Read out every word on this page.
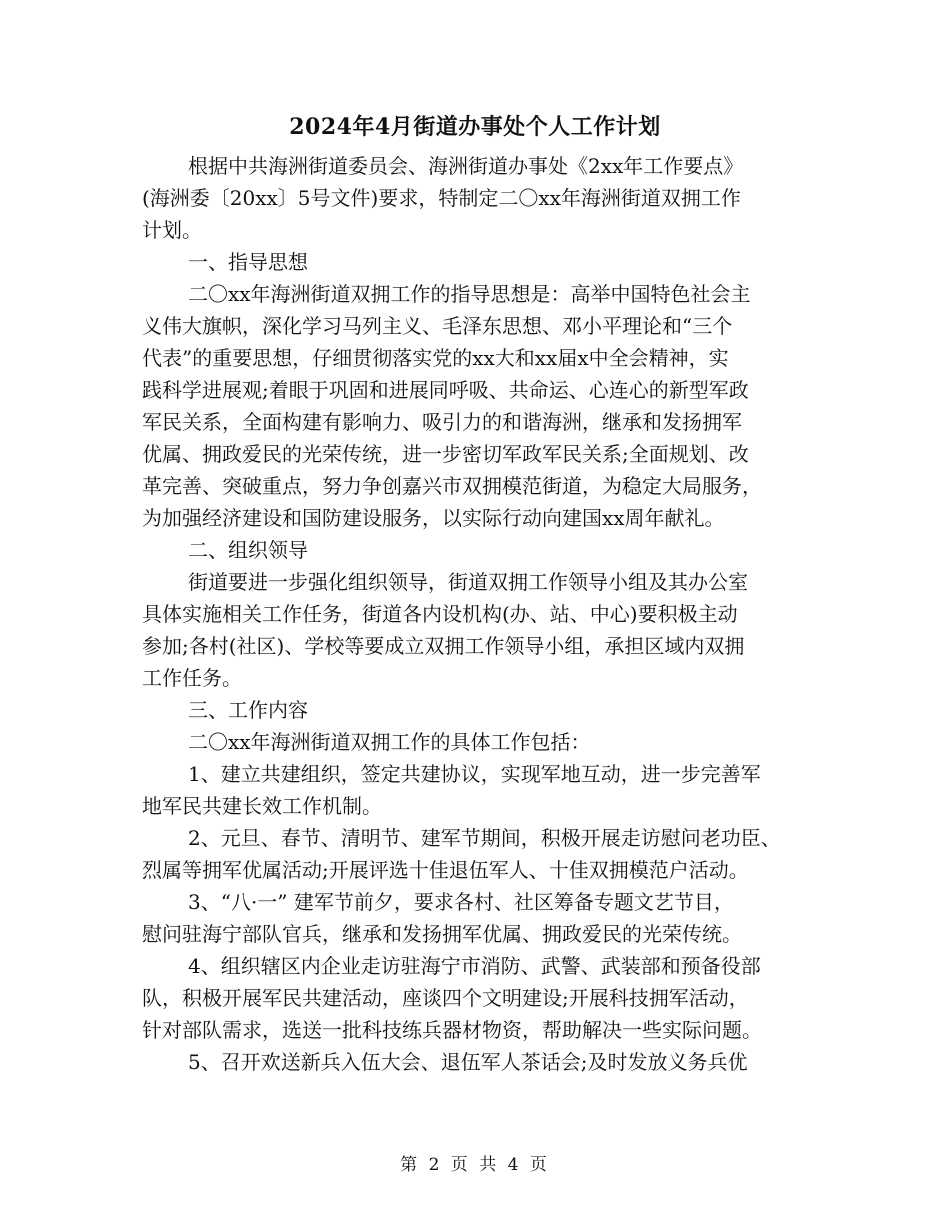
2024年4月街道办事处个人工作计划
根据中共海洲街道委员会、海洲街道办事处《2xx年工作要点》
(海洲委〔20xx〕5号文件)要求，特制定二〇xx年海洲街道双拥工作
计划。
一、指导思想
二〇xx年海洲街道双拥工作的指导思想是：高举中国特色社会主
义伟大旗帜，深化学习马列主义、毛泽东思想、邓小平理论和“三个
代表”的重要思想，仔细贯彻落实党的xx大和xx届x中全会精神，实
践科学进展观;着眼于巩固和进展同呼吸、共命运、心连心的新型军政
军民关系，全面构建有影响力、吸引力的和谐海洲，继承和发扬拥军
优属、拥政爱民的光荣传统，进一步密切军政军民关系;全面规划、改
革完善、突破重点，努力争创嘉兴市双拥模范街道，为稳定大局服务，
为加强经济建设和国防建设服务，以实际行动向建国xx周年献礼。
二、组织领导
街道要进一步强化组织领导，街道双拥工作领导小组及其办公室
具体实施相关工作任务，街道各内设机构(办、站、中心)要积极主动
参加;各村(社区)、学校等要成立双拥工作领导小组，承担区域内双拥
工作任务。
三、工作内容
二〇xx年海洲街道双拥工作的具体工作包括：
1、建立共建组织，签定共建协议，实现军地互动，进一步完善军
地军民共建长效工作机制。
2、元旦、春节、清明节、建军节期间，积极开展走访慰问老功臣、
烈属等拥军优属活动;开展评选十佳退伍军人、十佳双拥模范户活动。
3、“八·一” 建军节前夕，要求各村、社区筹备专题文艺节目，
慰问驻海宁部队官兵，继承和发扬拥军优属、拥政爱民的光荣传统。
4、组织辖区内企业走访驻海宁市消防、武警、武装部和预备役部
队，积极开展军民共建活动，座谈四个文明建设;开展科技拥军活动，
针对部队需求，选送一批科技练兵器材物资，帮助解决一些实际问题。
5、召开欢送新兵入伍大会、退伍军人茶话会;及时发放义务兵优
第 2 页 共 4 页
